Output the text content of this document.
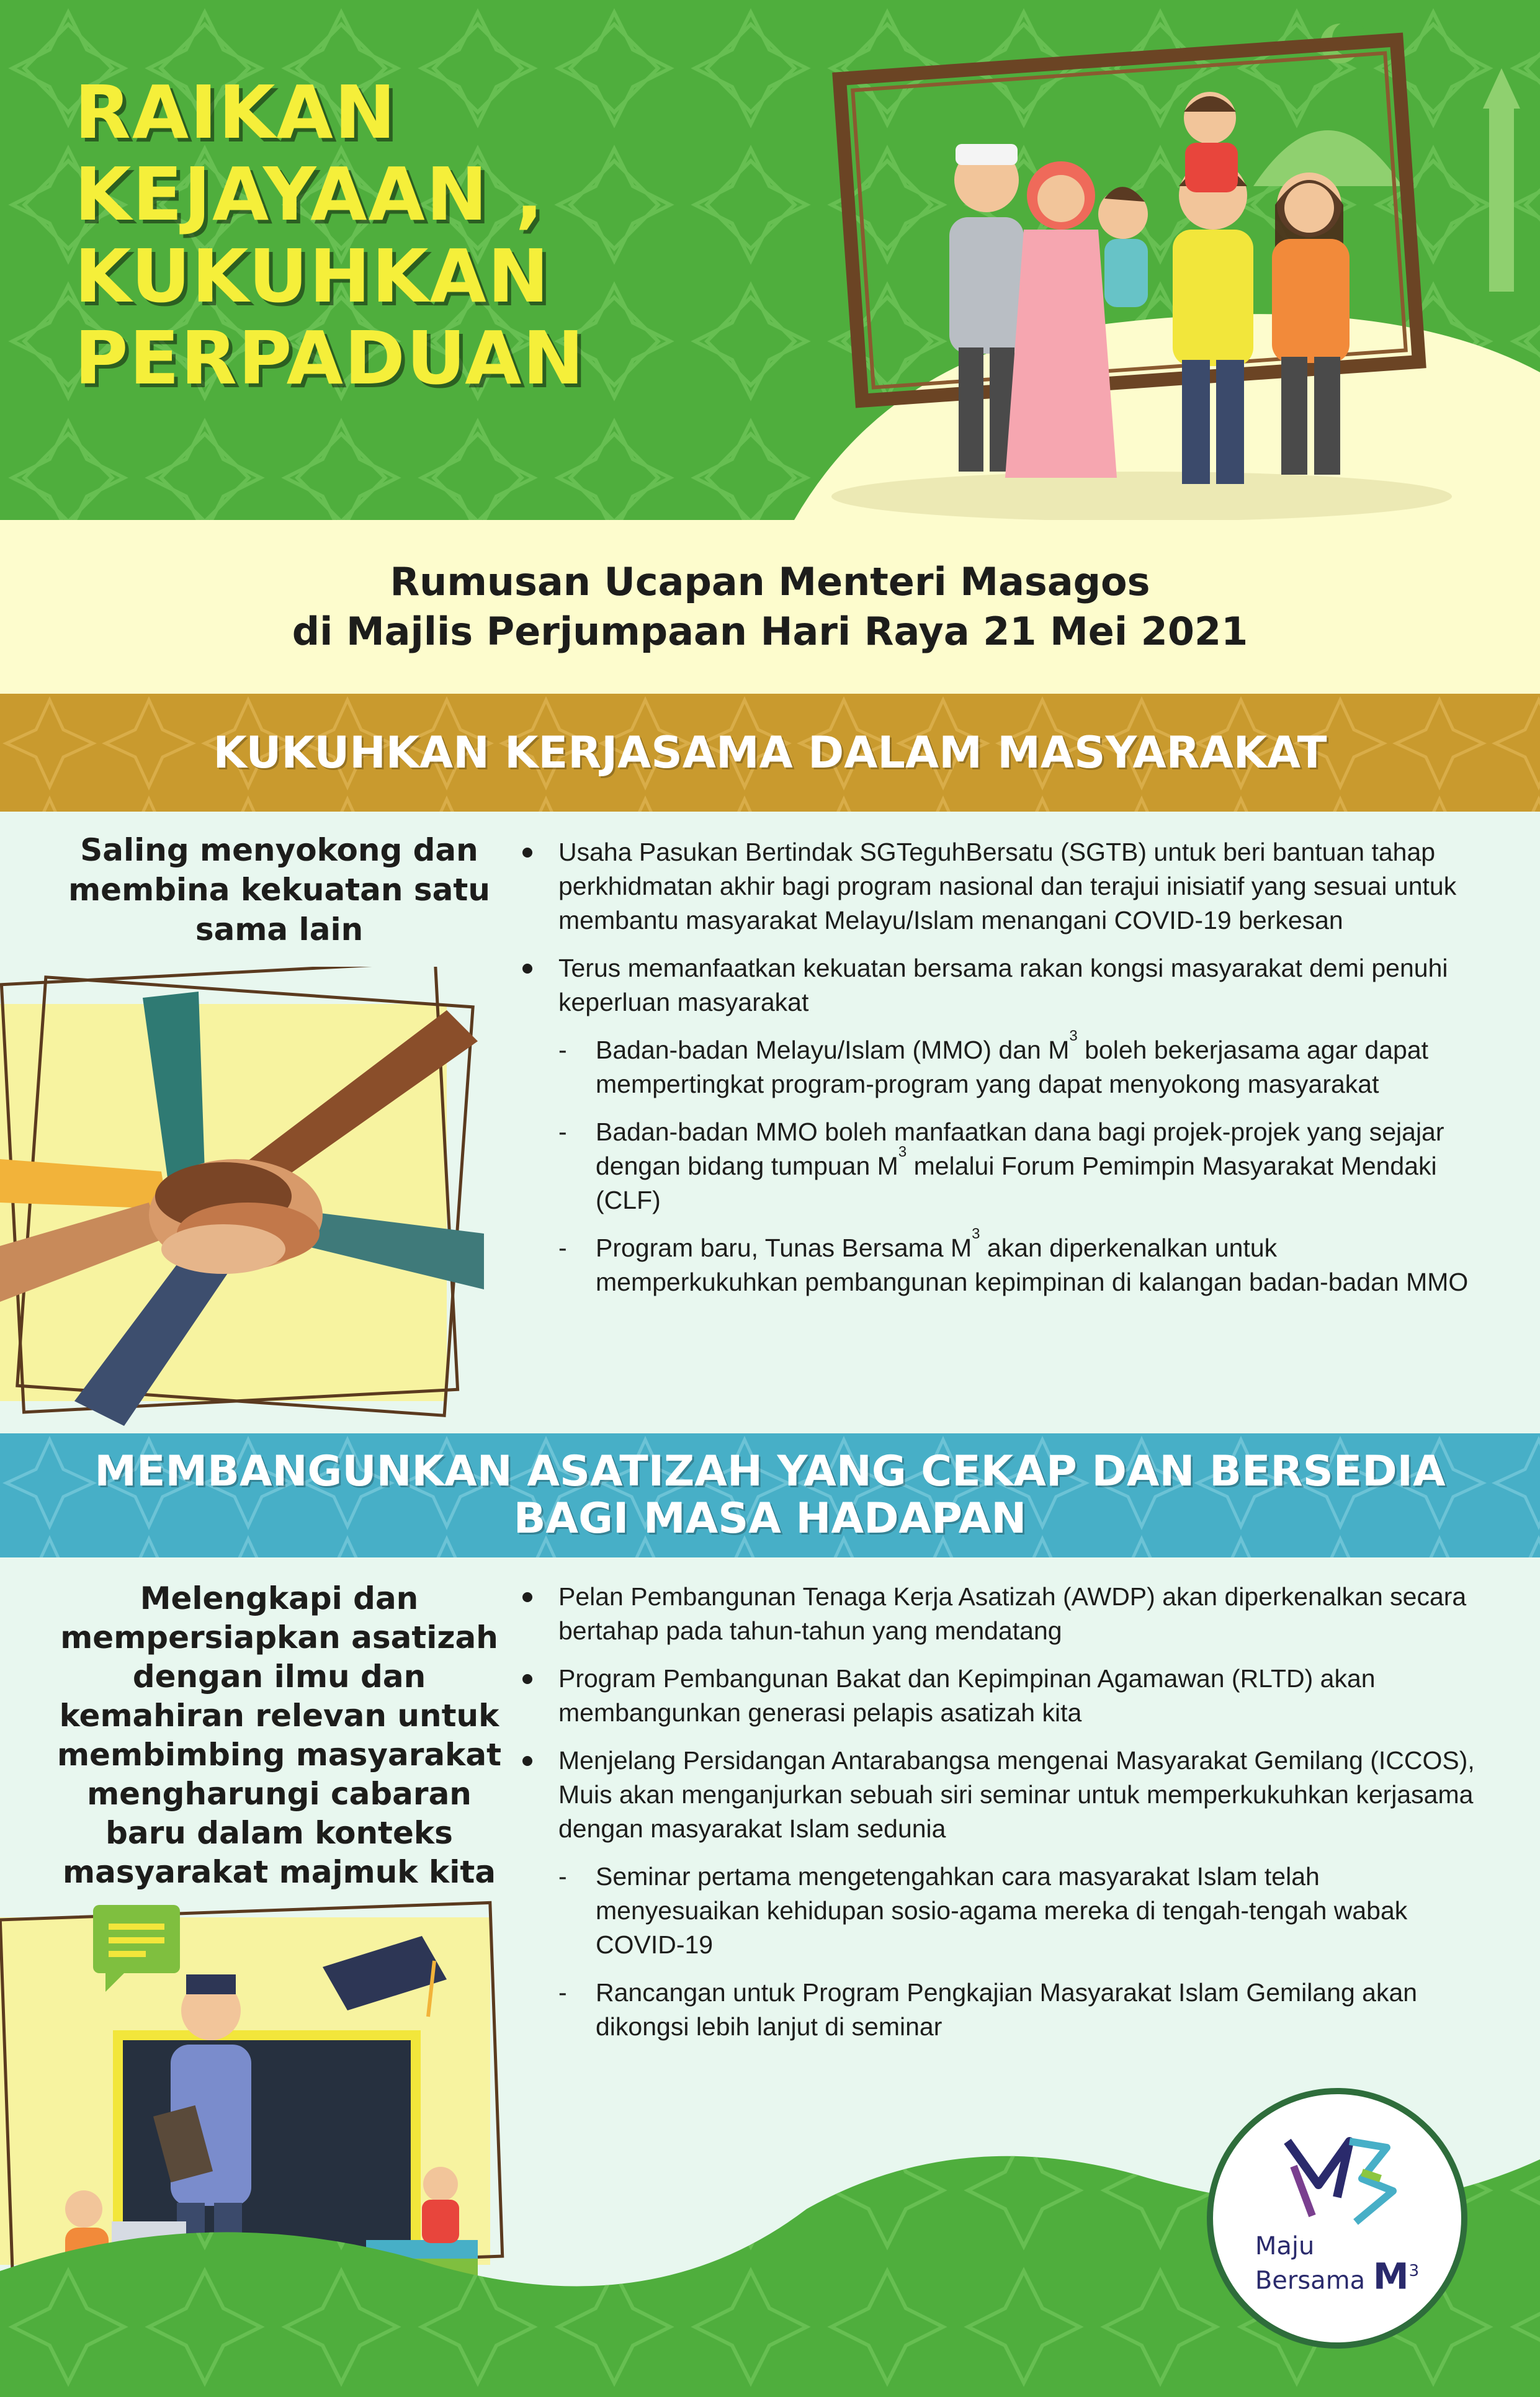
RAIKAN
KEJAYAAN ,
KUKUHKAN
PERPADUAN
Rumusan Ucapan Menteri Masagos
di Majlis Perjumpaan Hari Raya 21 Mei 2021
KUKUHKAN KERJASAMA DALAM MASYARAKAT
Saling menyokong dan membina kekuatan satu sama lain
Usaha Pasukan Bertindak SGTeguhBersatu (SGTB) untuk beri bantuan tahap perkhidmatan akhir bagi program nasional dan terajui inisiatif yang sesuai untuk membantu masyarakat Melayu/Islam menangani COVID-19 berkesan
Terus memanfaatkan kekuatan bersama rakan kongsi masyarakat demi penuhi keperluan masyarakat
- Badan-badan Melayu/Islam (MMO) dan $M^3$ boleh bekerjasama agar dapat mempertingkat program-program yang dapat menyokong masyarakat
- Badan-badan MMO boleh manfaatkan dana bagi projek-projek yang sejajar dengan bidang tumpuan $M^3$ melalui Forum Pemimpin Masyarakat Mendaki (CLF)
- Program baru, Tunas Bersama $M^3$ akan diperkenalkan untuk memperkukuhkan pembangunan kepimpinan di kalangan badan-badan MMO
MEMBANGUNKAN ASATIZAH YANG CEKAP DAN BERSEDIA
BAGI MASA HADAPAN
Melengkapi dan mempersiapkan asatizah dengan ilmu dan kemahiran relevan untuk membimbing masyarakat mengharungi cabaran baru dalam konteks masyarakat majmuk kita
Pelan Pembangunan Tenaga Kerja Asatizah (AWDP) akan diperkenalkan secara bertahap pada tahun-tahun yang mendatang
Program Pembangunan Bakat dan Kepimpinan Agamawan (RLTD) akan membangunkan generasi pelapis asatizah kita
Menjelang Persidangan Antarabangsa mengenai Masyarakat Gemilang (ICCOS), Muis akan menganjurkan sebuah siri seminar untuk memperkukuhkan kerjasama dengan masyarakat Islam sedunia
- Seminar pertama mengetengahkan cara masyarakat Islam telah menyesuaikan kehidupan sosio-agama mereka di tengah-tengah wabak COVID-19
- Rancangan untuk Program Pengkajian Masyarakat Islam Gemilang akan dikongsi lebih lanjut di seminar
Maju
Bersama $M^3$
